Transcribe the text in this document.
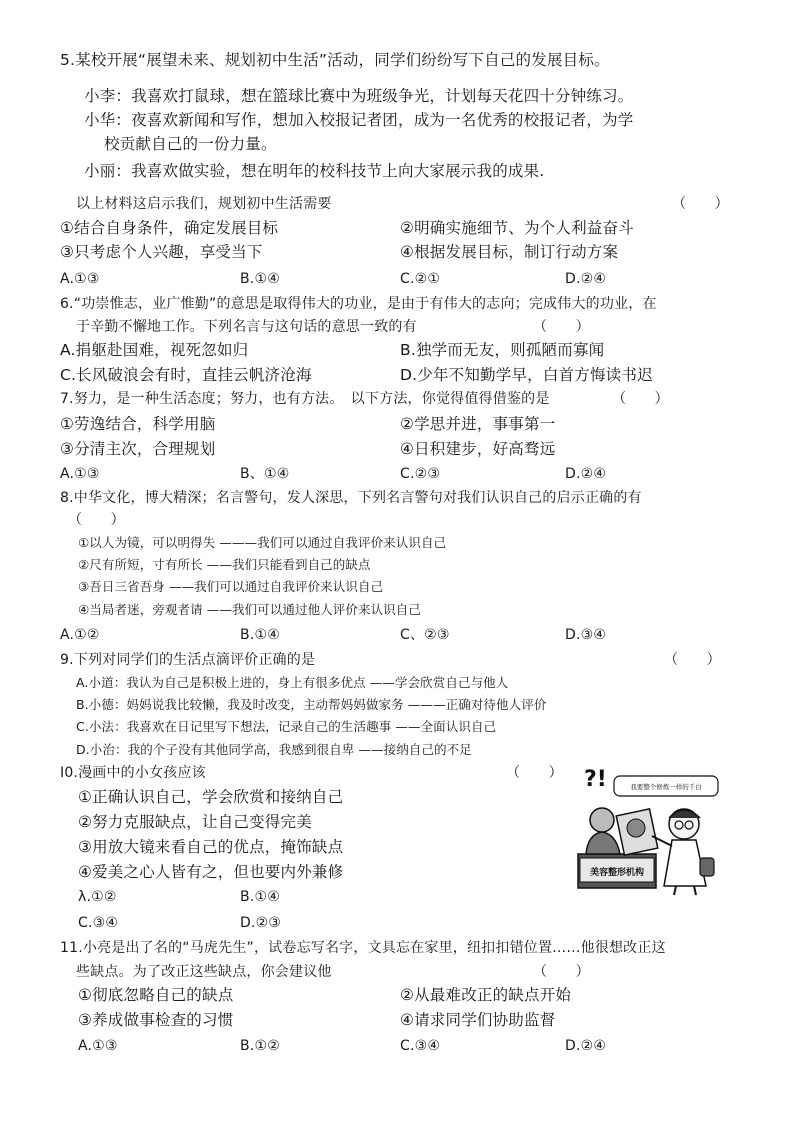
5.某校开展“展望未来、规划初中生活”活动，同学们纷纷写下自己的发展目标。
小李：我喜欢打鼠球，想在篮球比赛中为班级争光，计划每天花四十分钟练习。
小华：夜喜欢新闻和写作，想加入校报记者团，成为一名优秀的校报记者，为学
校贡献自己的一份力量。
小丽：我喜欢做实验，想在明年的校科技节上向大家展示我的成果.
以上材料这启示我们，规划初中生活需要	（　　）
①结合自身条件，确定发展目标	②明确实施细节、为个人利益奋斗
③只考虑个人兴趣，享受当下	④根据发展目标，制订行动方案
A.①③	B.①④	C.②①	D.②④
6.“功崇惟志，业广惟勤”的意思是取得伟大的功业，是由于有伟大的志向；完成伟大的功业，在
于辛勤不懈地工作。下列名言与这句话的意思一致的有	（　　）
A.捐躯赴国难，视死忽如归	B.独学而无友，则孤陋而寡闻
C.长风破浪会有时，直挂云帆济沧海	D.少年不知勤学早，白首方悔读书迟
7.努力，是一种生活态度；努力，也有方法。　以下方法，你觉得值得借鉴的是	（　　）
①劳逸结合，科学用脑	②学思并进，事事第一
③分清主次，合理规划	④日积建步，好高骛远
A.①③	B、①④	C.②③	D.②④
8.中华文化，博大精深；名言警句，发人深思，下列名言警句对我们认识自己的启示正确的有
（　　）
①以人为镜，可以明得失 ———我们可以通过自我评价来认识自己
②尺有所短，寸有所长 ——我们只能看到自己的缺点
③吾日三省吾身 ——我们可以通过自我评价来认识自己
④当局者迷，旁观者请 ——我们可以通过他人评价来认识自己
A.①②	B.①④	C、②③	D.③④
9.下列对同学们的生活点滴评价正确的是	（　　）
A.小道：我认为自己是积极上进的，身上有很多优点 ——学会欣赏自己与他人
B.小德：妈妈说我比较懒，我及时改变，主动帮妈妈做家务 ———正确对待他人评价
C.小法：我喜欢在日记里写下想法，记录自己的生活趣事 ——全面认识自己
D.小治：我的个子没有其他同学高，我感到很自卑 ——接纳自己的不足
I0.漫画中的小女孩应该	（　　）
①正确认识自己，学会欣赏和接纳自己
②努力克服缺点，让自己变得完美
③用放大镜来看自己的优点，掩饰缺点
④爱美之心人皆有之，但也要内外兼修
λ.①②	B.①④
C.③④	D.②③
美容整形机构
?!	我要整个修炼一样的千白
11.小亮是出了名的“马虎先生”，试卷忘写名字，文具忘在家里，纽扣扣错位置……他很想改正这
些缺点。为了改正这些缺点，你会建议他	（　　）
①彻底忽略自己的缺点	②从最难改正的缺点开始
③养成做事检查的习惯	④请求同学们协助监督
A.①③	B.①②	C.③④	D.②④
